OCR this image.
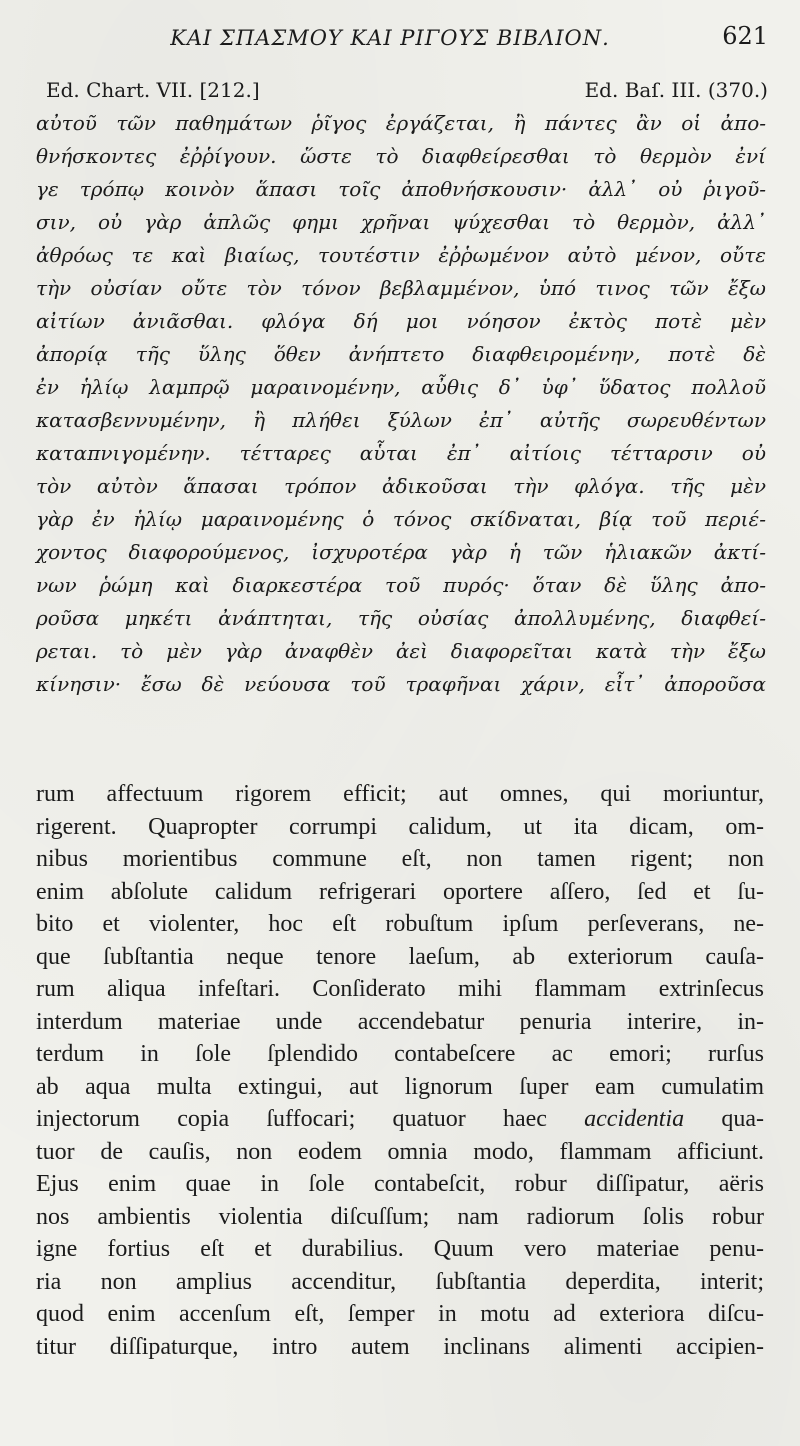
ΚΑΙ ΣΠΑΣΜΟΥ ΚΑΙ ΡΙΓΟΥΣ ΒΙΒΛΙΟΝ.	621
Ed. Chart. VII. [212.]	Ed. Baſ. III. (370.)
αὐτοῦ τῶν παθημάτων ῥῖγος ἐργάζεται, ἢ πάντες ἂν οἱ ἀπο-
θνήσκοντες ἐῤῥίγουν. ὥστε τὸ διαφθείρεσθαι τὸ θερμὸν ἐνί
γε τρόπῳ κοινὸν ἅπασι τοῖς ἀποθνήσκουσιν· ἀλλ᾽ οὐ ῥιγοῦ-
σιν, οὐ γὰρ ἁπλῶς φημι χρῆναι ψύχεσθαι τὸ θερμὸν, ἀλλ᾽
ἀθρόως τε καὶ βιαίως, τουτέστιν ἐῤῥωμένον αὐτὸ μένον, οὔτε
τὴν οὐσίαν οὔτε τὸν τόνον βεβλαμμένον, ὑπό τινος τῶν ἔξω
αἰτίων ἀνιᾶσθαι. φλόγα δή μοι νόησον ἐκτὸς ποτὲ μὲν
ἀπορίᾳ τῆς ὕλης ὅθεν ἀνήπτετο διαφθειρομένην, ποτὲ δὲ
ἐν ἡλίῳ λαμπρῷ μαραινομένην, αὖθις δ᾽ ὑφ᾽ ὕδατος πολλοῦ
κατασβεννυμένην, ἢ πλήθει ξύλων ἐπ᾽ αὐτῆς σωρευθέντων
καταπνιγομένην. τέτταρες αὗται ἐπ᾽ αἰτίοις τέτταρσιν οὐ
τὸν αὐτὸν ἅπασαι τρόπον ἀδικοῦσαι τὴν φλόγα. τῆς μὲν
γὰρ ἐν ἡλίῳ μαραινομένης ὁ τόνος σκίδναται, βίᾳ τοῦ περιέ-
χοντος διαφορούμενος, ἰσχυροτέρα γὰρ ἡ τῶν ἡλιακῶν ἀκτί-
νων ῥώμη καὶ διαρκεστέρα τοῦ πυρός· ὅταν δὲ ὕλης ἀπο-
ροῦσα μηκέτι ἀνάπτηται, τῆς οὐσίας ἀπολλυμένης, διαφθεί-
ρεται. τὸ μὲν γὰρ ἀναφθὲν ἀεὶ διαφορεῖται κατὰ τὴν ἔξω
κίνησιν· ἔσω δὲ νεύουσα τοῦ τραφῆναι χάριν, εἶτ᾽ ἀποροῦσα
rum affectuum rigorem efficit; aut omnes, qui moriuntur,
rigerent. Quapropter corrumpi calidum, ut ita dicam, om-
nibus morientibus commune eſt, non tamen rigent; non
enim abſolute calidum refrigerari oportere aſſero, ſed et ſu-
bito et violenter, hoc eſt robuſtum ipſum perſeverans, ne-
que ſubſtantia neque tenore laeſum, ab exteriorum cauſa-
rum aliqua infeſtari. Conſiderato mihi flammam extrinſecus
interdum materiae unde accendebatur penuria interire, in-
terdum in ſole ſplendido contabeſcere ac emori; rurſus
ab aqua multa extingui, aut lignorum ſuper eam cumulatim
injectorum copia ſuffocari; quatuor haec accidentia qua-
tuor de cauſis, non eodem omnia modo, flammam afficiunt.
Ejus enim quae in ſole contabeſcit, robur diſſipatur, aëris
nos ambientis violentia diſcuſſum; nam radiorum ſolis robur
igne fortius eſt et durabilius. Quum vero materiae penu-
ria non amplius accenditur, ſubſtantia deperdita, interit;
quod enim accenſum eſt, ſemper in motu ad exteriora diſcu-
titur diſſipaturque, intro autem inclinans alimenti accipien-
